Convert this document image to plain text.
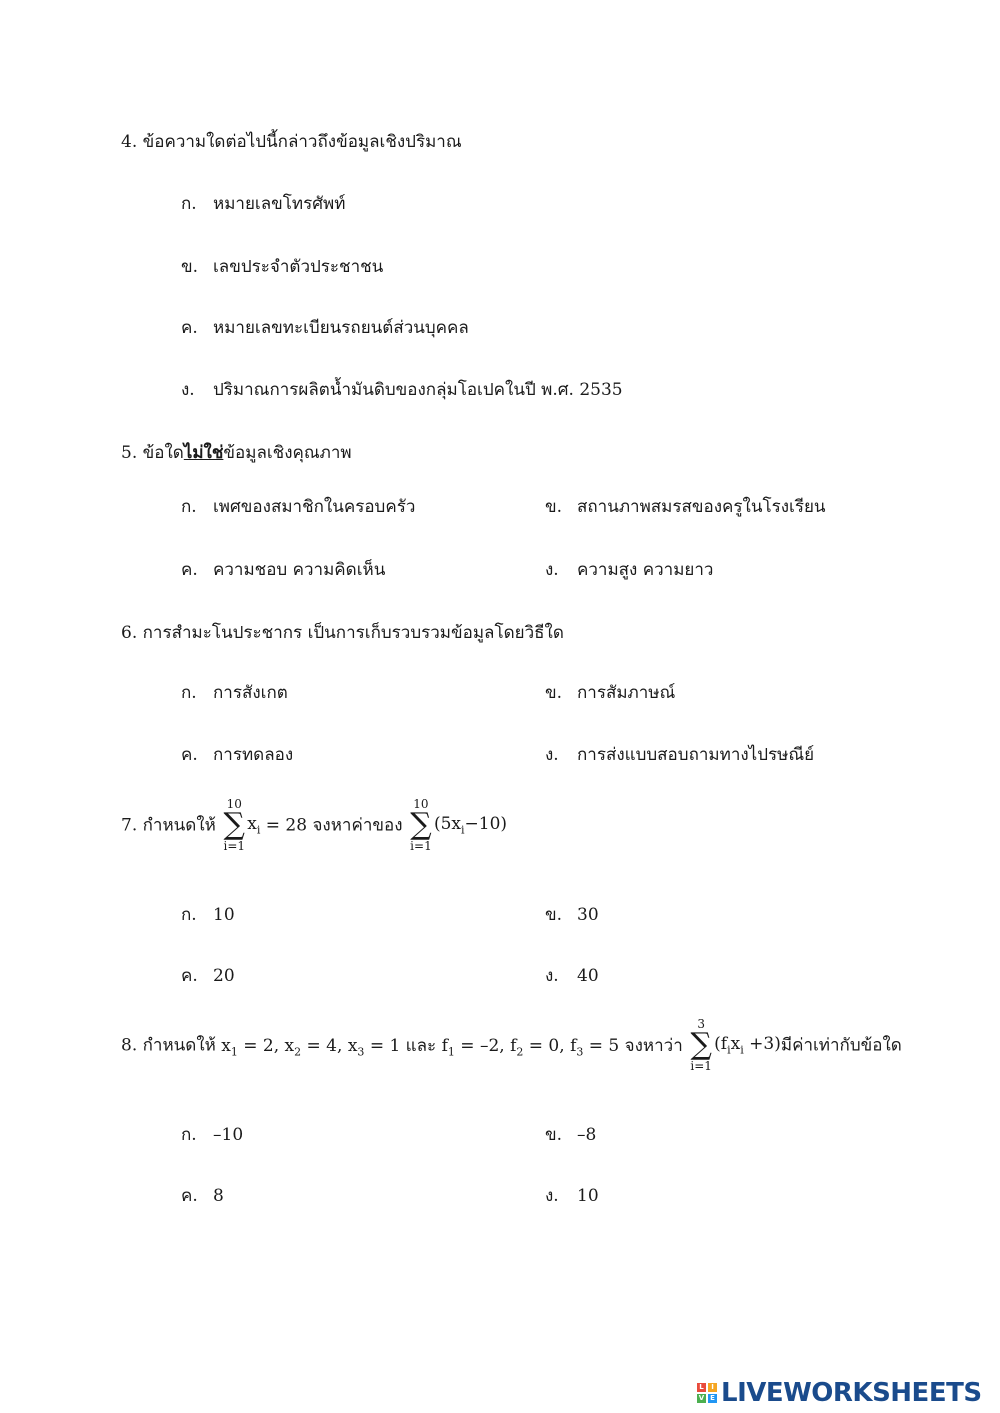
4. ข้อความใดต่อไปนี้กล่าวถึงข้อมูลเชิงปริมาณ
ก. หมายเลขโทรศัพท์
ข. เลขประจำตัวประชาชน
ค. หมายเลขทะเบียนรถยนต์ส่วนบุคคล
ง. ปริมาณการผลิตน้ำมันดิบของกลุ่มโอเปคในปี พ.ศ. 2535
5. ข้อใดไม่ใช่ข้อมูลเชิงคุณภาพ
ก. เพศของสมาชิกในครอบครัว	ข. สถานภาพสมรสของครูในโรงเรียน
ค. ความชอบ ความคิดเห็น	ง. ความสูง ความยาว
6. การสำมะโนประชากร เป็นการเก็บรวบรวมข้อมูลโดยวิธีใด
ก. การสังเกต	ข. การสัมภาษณ์
ค. การทดลอง	ง. การส่งแบบสอบถามทางไปรษณีย์
7. กำหนดให้
10
∑
i=1
$x_i = 28$ จงหาค่าของ
10
∑
i=1
$(5x_i-10)$
ก. 10	ข. 30
ค. 20	ง. 40
8. กำหนดให้ $x_1 = 2$, $x_2 = 4$, $x_3 = 1$ และ $f_1 = -2$, $f_2 = 0$, $f_3 = 5$ จงหาว่า
3
∑
i=1
$(f_ix_i +3)$มีค่าเท่ากับข้อใด
ก. –10	ข. –8
ค. 8	ง. 10
L	I
V E LIVEWORKSHEETS
